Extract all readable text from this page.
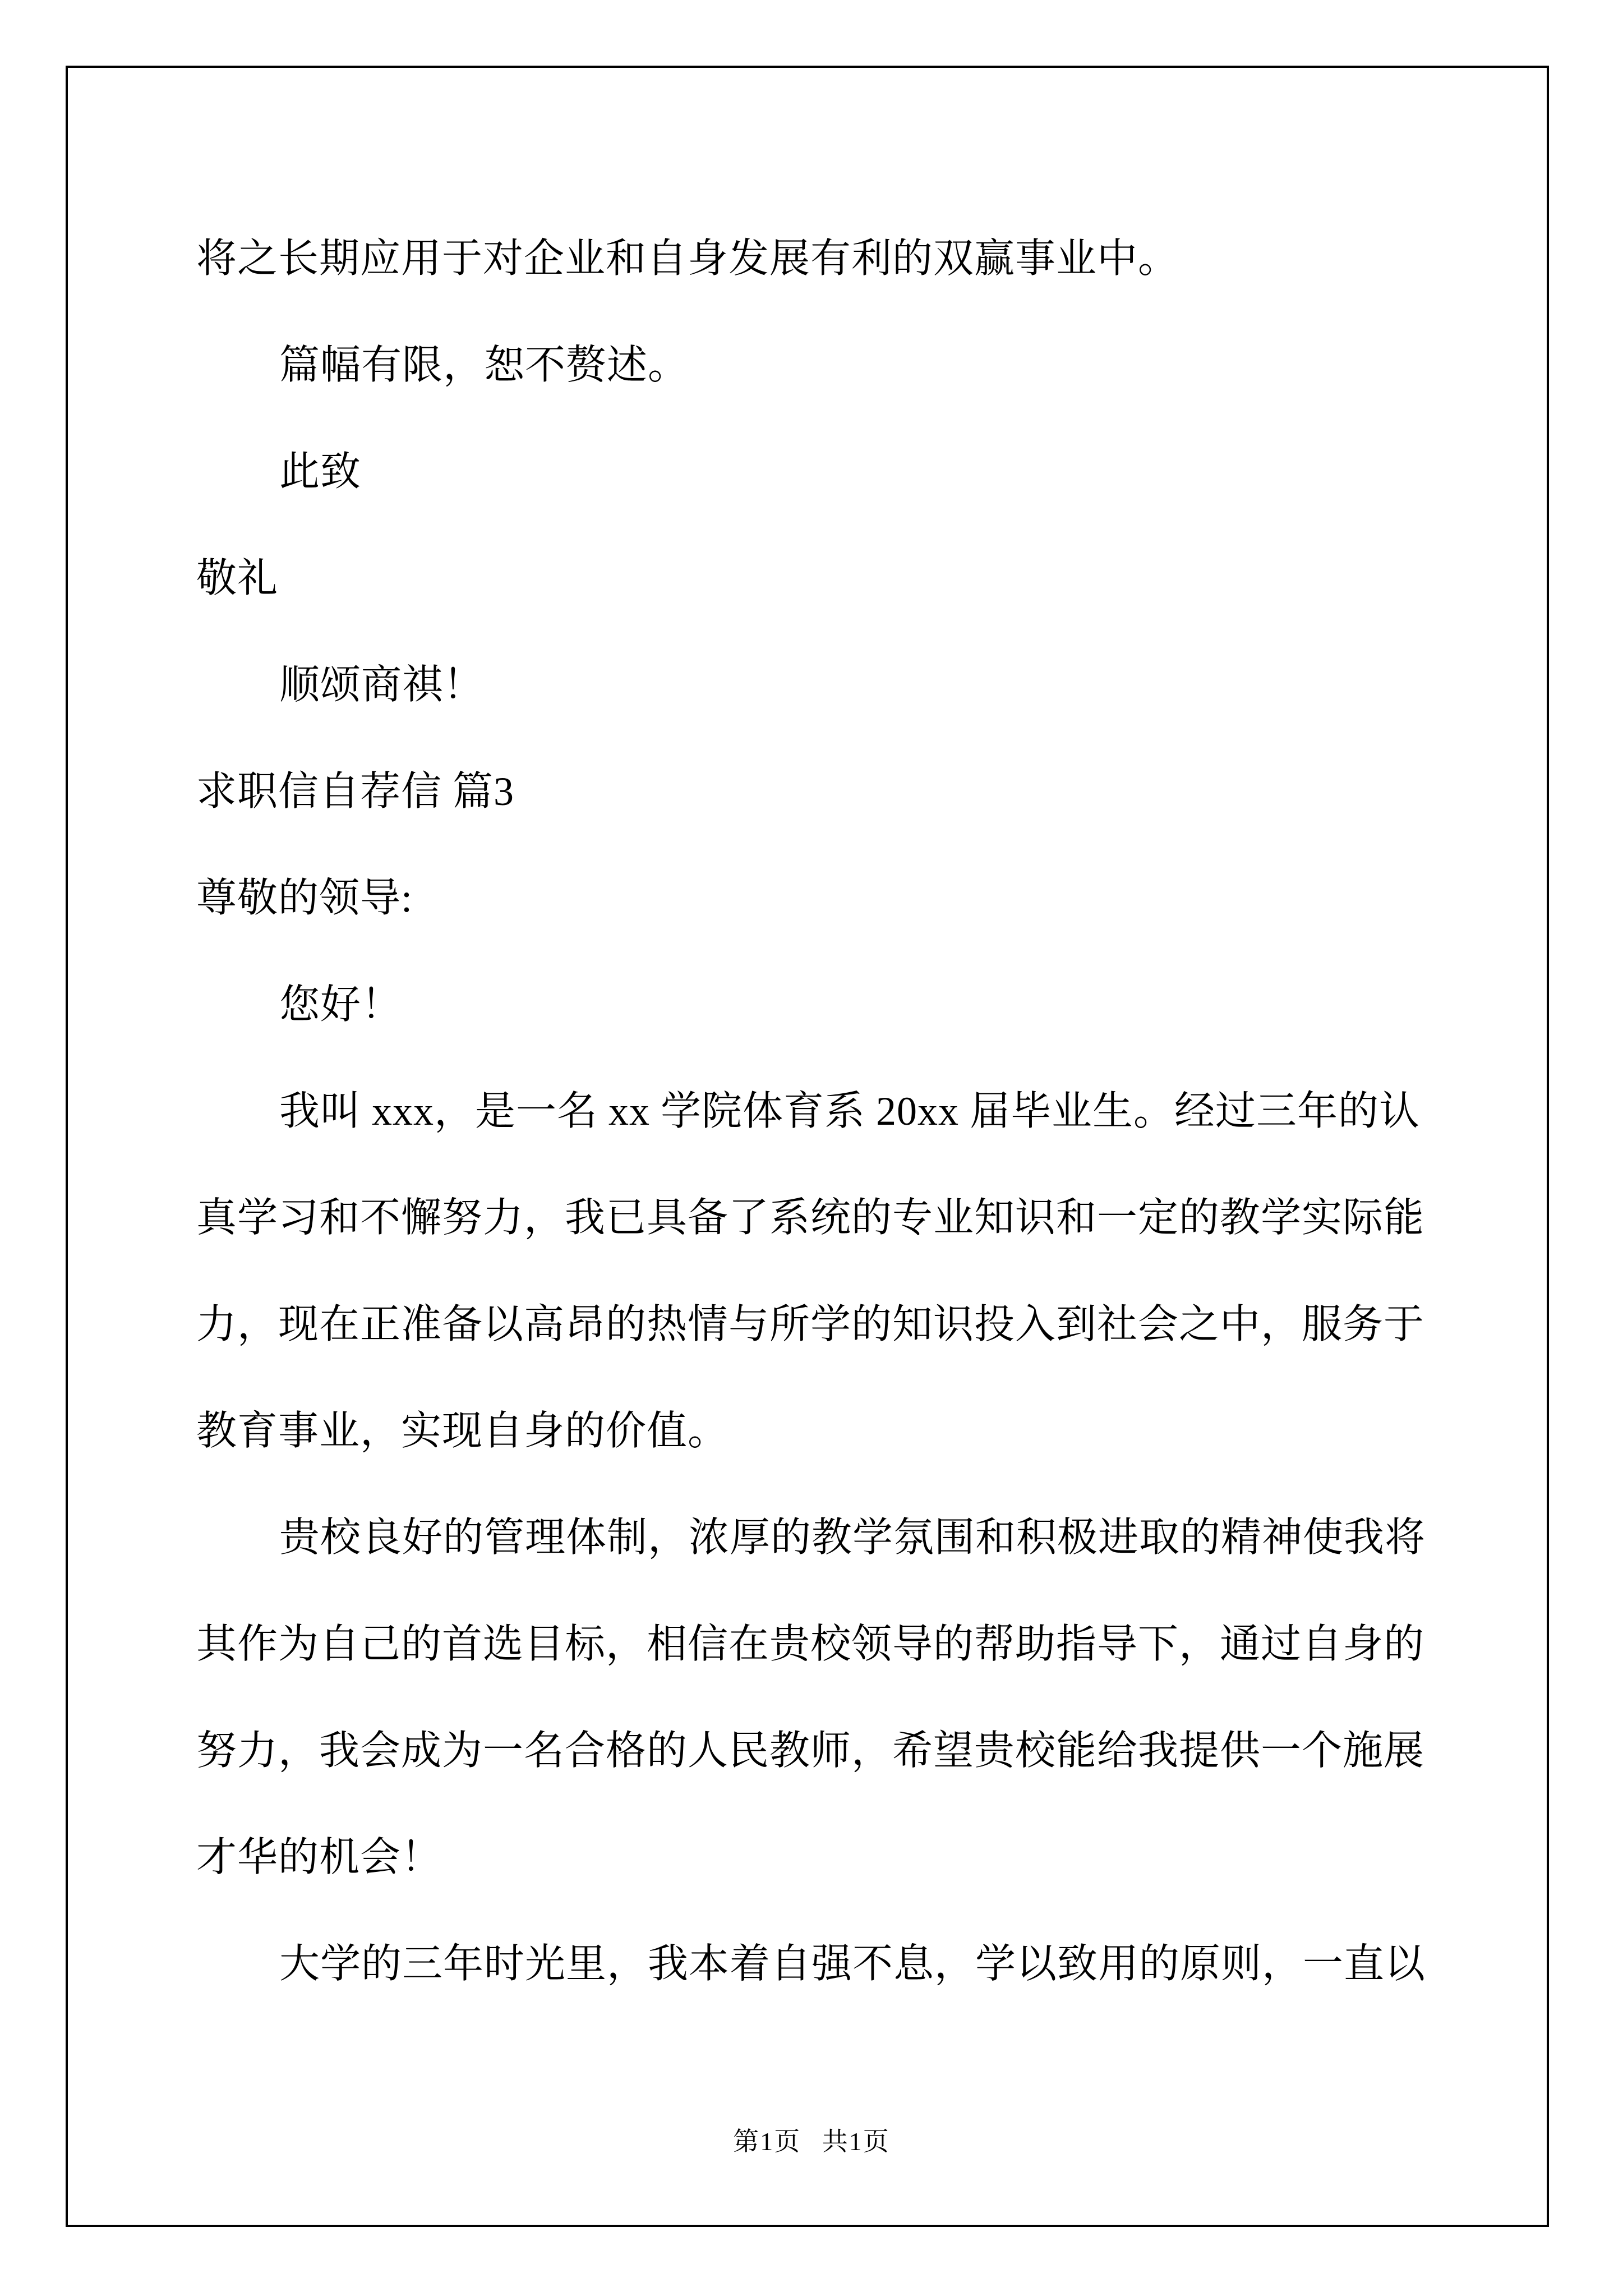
将之长期应用于对企业和自身发展有利的双赢事业中。
篇幅有限，恕不赘述。
此致
敬礼
顺颂商祺！
求职信自荐信 篇3
尊敬的领导:
您好！
我叫 xxx，是一名 xx 学院体育系 20xx 届毕业生。经过三年的认
真学习和不懈努力，我已具备了系统的专业知识和一定的教学实际能
力，现在正准备以高昂的热情与所学的知识投入到社会之中，服务于
教育事业，实现自身的价值。
贵校良好的管理体制，浓厚的教学氛围和积极进取的精神使我将
其作为自己的首选目标，相信在贵校领导的帮助指导下，通过自身的
努力，我会成为一名合格的人民教师，希望贵校能给我提供一个施展
才华的机会！
大学的三年时光里，我本着自强不息，学以致用的原则，一直以
第1页 共1页
